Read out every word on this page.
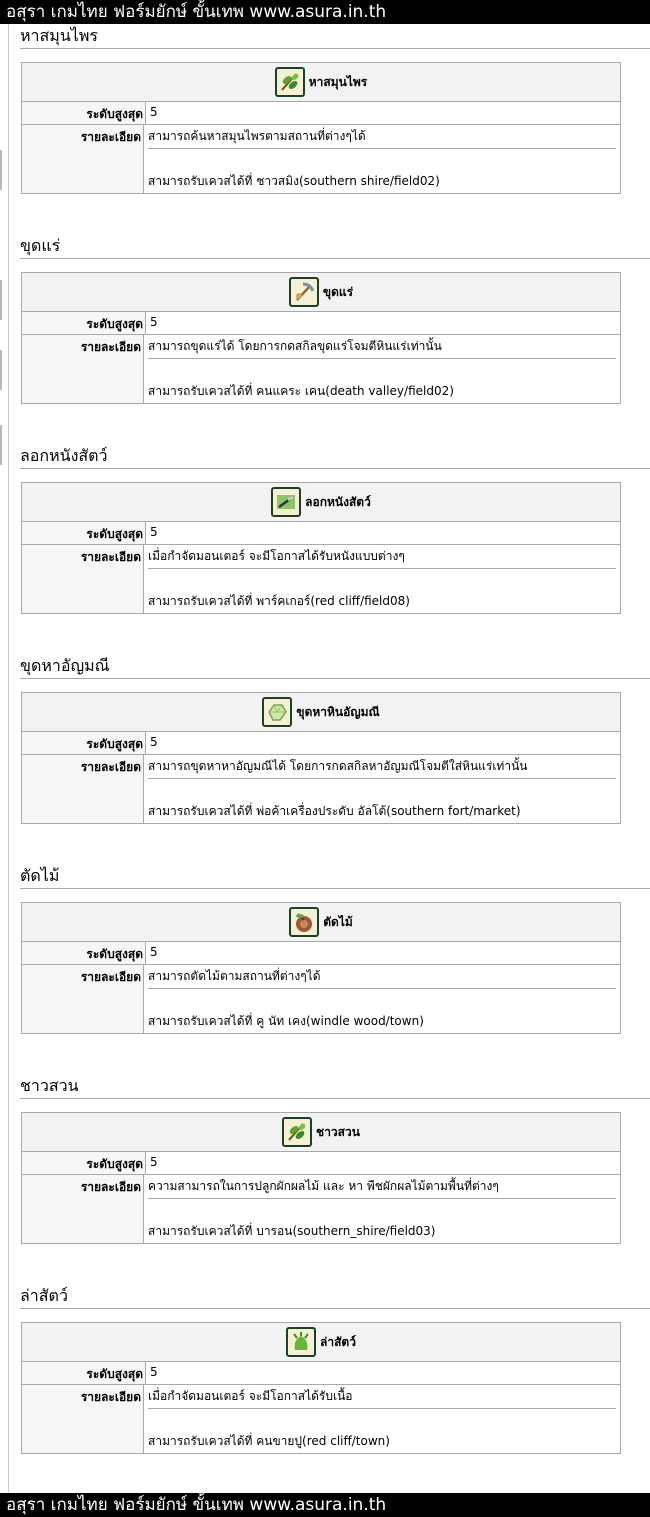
อสุรา เกมไทย ฟอร์มยักษ์ ขั้นเทพ www.asura.in.th
หาสมุนไพร
หาสมุนไพร
ระดับสูงสุด 5
รายละเอียด สามารถค้นหาสมุนไพรตามสถานที่ต่างๆได้
สามารถรับเควสได้ที่ ชาวสมิง(southern shire/field02)
ขุดแร่
ขุดแร่
ระดับสูงสุด 5
รายละเอียด สามารถขุดแร่ได้ โดยการกดสกิลขุดแร่โจมตีหินแร่เท่านั้น
สามารถรับเควสได้ที่ คนแคระ เคน(death valley/field02)
ลอกหนังสัตว์
ลอกหนังสัตว์
ระดับสูงสุด 5
รายละเอียด เมื่อกำจัดมอนเตอร์ จะมีโอกาสได้รับหนังแบบต่างๆ
สามารถรับเควสได้ที่ พาร์คเกอร์(red cliff/field08)
ขุดหาอัญมณี
ขุดหาหินอัญมณี
ระดับสูงสุด 5
รายละเอียด สามารถขุดหาหาอัญมณีได้ โดยการกดสกิลหาอัญมณีโจมตีใส่หินแร่เท่านั้น
สามารถรับเควสได้ที่ พ่อค้าเครื่องประดับ อัลโต้(southern fort/market)
ตัดไม้
ตัดไม้
ระดับสูงสุด 5
รายละเอียด สามารถตัดไม้ตามสถานที่ต่างๆได้
สามารถรับเควสได้ที่ คู นัท เคง(windle wood/town)
ชาวสวน
ชาวสวน
ระดับสูงสุด 5
รายละเอียด ความสามารถในการปลูกผักผลไม้ และ หา พืชผักผลไม้ตามพื้นที่ต่างๆ
สามารถรับเควสได้ที่ บารอน(southern_shire/field03)
ล่าสัตว์
ล่าสัตว์
ระดับสูงสุด 5
รายละเอียด เมื่อกำจัดมอนเตอร์ จะมีโอกาสได้รับเนื้อ
สามารถรับเควสได้ที่ คนขายปู(red cliff/town)
อสุรา เกมไทย ฟอร์มยักษ์ ขั้นเทพ www.asura.in.th
